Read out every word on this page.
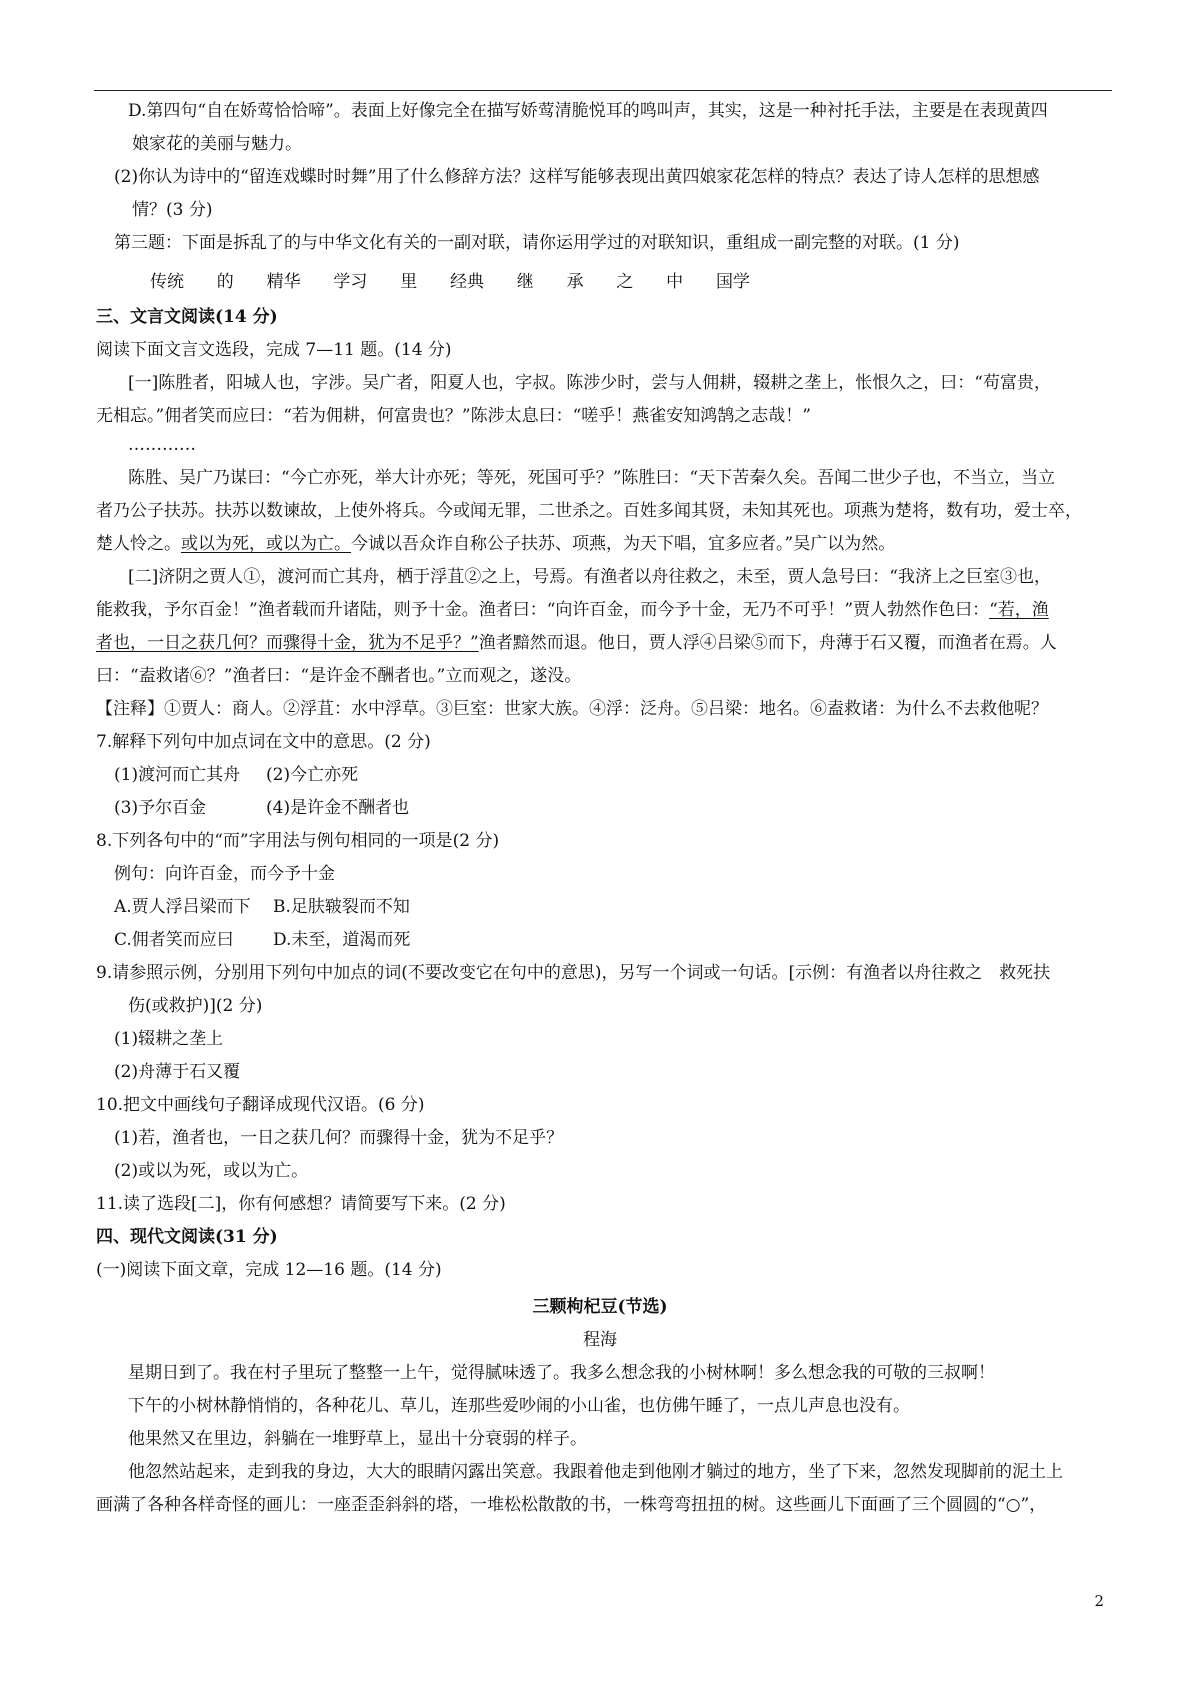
D.第四句“自在娇莺恰恰啼”。表面上好像完全在描写娇莺清脆悦耳的鸣叫声，其实，这是一种衬托手法，主要是在表现黄四
娘家花的美丽与魅力。
(2)你认为诗中的“留连戏蝶时时舞”用了什么修辞方法？这样写能够表现出黄四娘家花怎样的特点？表达了诗人怎样的思想感
情？(3 分)
第三题：下面是拆乱了的与中华文化有关的一副对联，请你运用学过的对联知识，重组成一副完整的对联。(1 分)
传统 的 精华 学习 里 经典 继 承 之 中 国学
三、文言文阅读(14 分)
阅读下面文言文选段，完成 7—11 题。(14 分)
[一]陈胜者，阳城人也，字涉。吴广者，阳夏人也，字叔。陈涉少时，尝与人佣耕，辍耕之垄上，怅恨久之，曰：“苟富贵，
无相忘。”佣者笑而应曰：“若为佣耕，何富贵也？”陈涉太息曰：“嗟乎！燕雀安知鸿鹄之志哉！”
…………
陈胜、吴广乃谋曰：“今亡亦死，举大计亦死；等死，死国可乎？”陈胜曰：“天下苦秦久矣。吾闻二世少子也，不当立，当立
者乃公子扶苏。扶苏以数谏故，上使外将兵。今或闻无罪，二世杀之。百姓多闻其贤，未知其死也。项燕为楚将，数有功，爱士卒，
楚人怜之。或以为死，或以为亡。今诚以吾众诈自称公子扶苏、项燕，为天下唱，宜多应者。”吴广以为然。
[二]济阴之贾人①，渡河而亡其舟，栖于浮苴②之上，号焉。有渔者以舟往救之，未至，贾人急号曰：“我济上之巨室③也，
能救我，予尔百金！”渔者载而升诸陆，则予十金。渔者曰：“向许百金，而今予十金，无乃不可乎！”贾人勃然作色曰：“若，渔
者也，一日之获几何？而骤得十金，犹为不足乎？”渔者黯然而退。他日，贾人浮④吕梁⑤而下，舟薄于石又覆，而渔者在焉。人
曰：“盍救诸⑥？”渔者曰：“是许金不酬者也。”立而观之，遂没。
【注释】①贾人：商人。②浮苴：水中浮草。③巨室：世家大族。④浮：泛舟。⑤吕梁：地名。⑥盍救诸：为什么不去救他呢？
7.解释下列句中加点词在文中的意思。(2 分)
(1)渡河而亡其舟 (2)今亡亦死
(3)予尔百金	(4)是许金不酬者也
8.下列各句中的“而”字用法与例句相同的一项是(2 分)
例句：向许百金，而今予十金
A.贾人浮吕梁而下 B.足肤皲裂而不知
C.佣者笑而应曰 D.未至，道渴而死
9.请参照示例，分别用下列句中加点的词(不要改变它在句中的意思)，另写一个词或一句话。[示例：有渔者以舟往救之　救死扶
伤(或救护)](2 分)
(1)辍耕之垄上
(2)舟薄于石又覆
10.把文中画线句子翻译成现代汉语。(6 分)
(1)若，渔者也，一日之获几何？而骤得十金，犹为不足乎？
(2)或以为死，或以为亡。
11.读了选段[二]，你有何感想？请简要写下来。(2 分)
四、现代文阅读(31 分)
(一)阅读下面文章，完成 12—16 题。(14 分)
三颗枸杞豆(节选)
程海
星期日到了。我在村子里玩了整整一上午，觉得腻味透了。我多么想念我的小树林啊！多么想念我的可敬的三叔啊！
下午的小树林静悄悄的，各种花儿、草儿，连那些爱吵闹的小山雀，也仿佛午睡了，一点儿声息也没有。
他果然又在里边，斜躺在一堆野草上，显出十分衰弱的样子。
他忽然站起来，走到我的身边，大大的眼睛闪露出笑意。我跟着他走到他刚才躺过的地方，坐了下来，忽然发现脚前的泥土上
画满了各种各样奇怪的画儿：一座歪歪斜斜的塔，一堆松松散散的书，一株弯弯扭扭的树。这些画儿下面画了三个圆圆的“○”，
2
